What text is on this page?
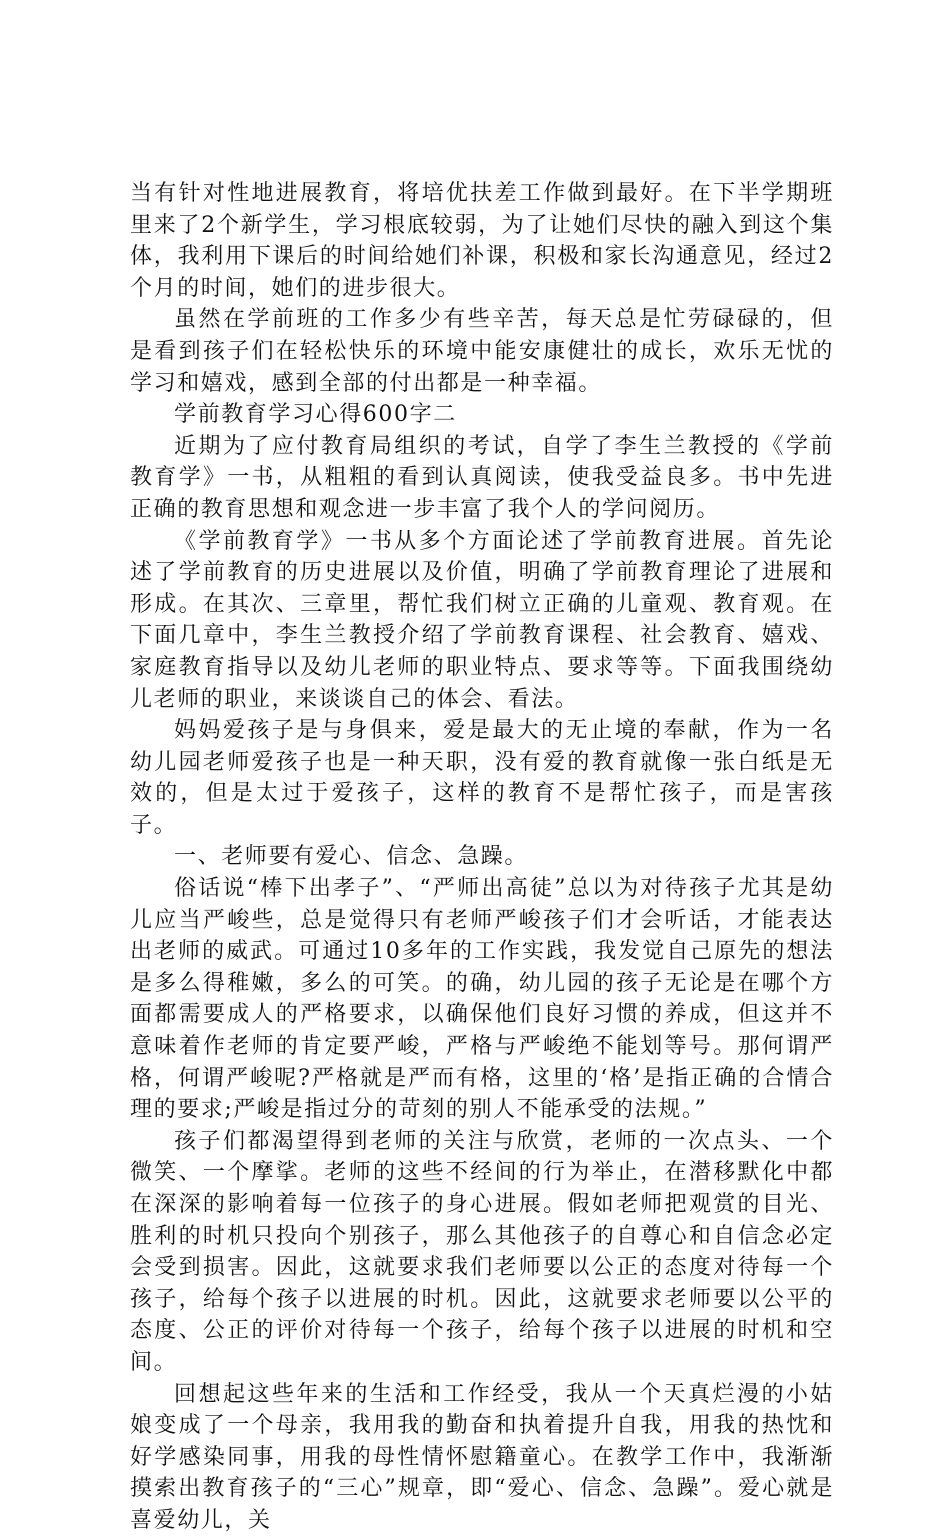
当有针对性地进展教育，将培优扶差工作做到最好。在下半学期班里来了2个新学生，学习根底较弱，为了让她们尽快的融入到这个集体，我利用下课后的时间给她们补课，积极和家长沟通意见，经过2个月的时间，她们的进步很大。

虽然在学前班的工作多少有些辛苦，每天总是忙劳碌碌的，但是看到孩子们在轻松快乐的环境中能安康健壮的成长，欢乐无忧的学习和嬉戏，感到全部的付出都是一种幸福。

学前教育学习心得600字二

近期为了应付教育局组织的考试，自学了李生兰教授的《学前教育学》一书，从粗粗的看到认真阅读，使我受益良多。书中先进正确的教育思想和观念进一步丰富了我个人的学问阅历。

《学前教育学》一书从多个方面论述了学前教育进展。首先论述了学前教育的历史进展以及价值，明确了学前教育理论了进展和形成。在其次、三章里，帮忙我们树立正确的儿童观、教育观。在下面几章中，李生兰教授介绍了学前教育课程、社会教育、嬉戏、家庭教育指导以及幼儿老师的职业特点、要求等等。下面我围绕幼儿老师的职业，来谈谈自己的体会、看法。

妈妈爱孩子是与身俱来，爱是最大的无止境的奉献，作为一名幼儿园老师爱孩子也是一种天职，没有爱的教育就像一张白纸是无效的，但是太过于爱孩子，这样的教育不是帮忙孩子，而是害孩子。

一、老师要有爱心、信念、急躁。

俗话说“棒下出孝子”、“严师出高徒”总以为对待孩子尤其是幼儿应当严峻些，总是觉得只有老师严峻孩子们才会听话，才能表达出老师的威武。可通过10多年的工作实践，我发觉自己原先的想法是多么得稚嫩，多么的可笑。的确，幼儿园的孩子无论是在哪个方面都需要成人的严格要求，以确保他们良好习惯的养成，但这并不意味着作老师的肯定要严峻，严格与严峻绝不能划等号。那何谓严格，何谓严峻呢?严格就是严而有格，这里的‘格’是指正确的合情合理的要求;严峻是指过分的苛刻的别人不能承受的法规。”

孩子们都渴望得到老师的关注与欣赏，老师的一次点头、一个微笑、一个摩挲。老师的这些不经间的行为举止，在潜移默化中都在深深的影响着每一位孩子的身心进展。假如老师把观赏的目光、胜利的时机只投向个别孩子，那么其他孩子的自尊心和自信念必定会受到损害。因此，这就要求我们老师要以公正的态度对待每一个孩子，给每个孩子以进展的时机。因此，这就要求老师要以公平的态度、公正的评价对待每一个孩子，给每个孩子以进展的时机和空间。

回想起这些年来的生活和工作经受，我从一个天真烂漫的小姑娘变成了一个母亲，我用我的勤奋和执着提升自我，用我的热忱和好学感染同事，用我的母性情怀慰籍童心。在教学工作中，我渐渐摸索出教育孩子的“三心”规章，即“爱心、信念、急躁”。爱心就是喜爱幼儿，关
